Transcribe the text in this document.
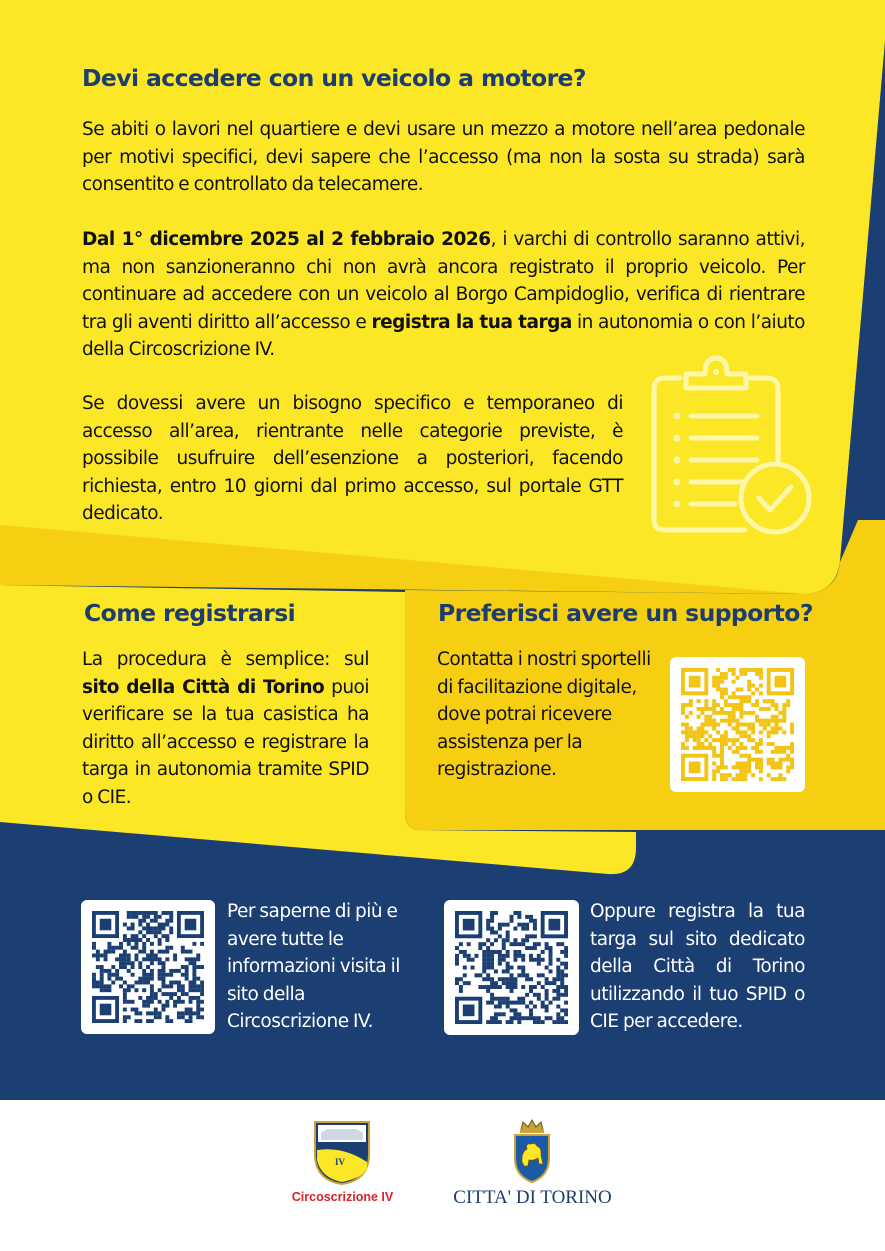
Devi accedere con un veicolo a motore?

Se abiti o lavori nel quartiere e devi usare un mezzo a motore nell’area pedonale per motivi specifici, devi sapere che l’accesso (ma non la sosta su strada) sarà consentito e controllato da telecamere.

Dal 1° dicembre 2025 al 2 febbraio 2026, i varchi di controllo saranno attivi, ma non sanzioneranno chi non avrà ancora registrato il proprio veicolo. Per continuare ad accedere con un veicolo al Borgo Campidoglio, verifica di rientrare tra gli aventi diritto all’accesso e registra la tua targa in autonomia o con l’aiuto della Circoscrizione IV.

Se dovessi avere un bisogno specifico e temporaneo di accesso all’area, rientrante nelle categorie previste, è possibile usufruire dell’esenzione a posteriori, facendo richiesta, entro 10 giorni dal primo accesso, sul portale GTT dedicato.

Come registrarsi

La procedura è semplice: sul sito della Città di Torino puoi verificare se la tua casistica ha diritto all’accesso e registrare la targa in autonomia tramite SPID o CIE.

Preferisci avere un supporto?

Contatta i nostri sportelli di facilitazione digitale, dove potrai ricevere assistenza per la registrazione.

Per saperne di più e avere tutte le informazioni visita il sito della Circoscrizione IV.

Oppure registra la tua targa sul sito dedicato della Città di Torino utilizzando il tuo SPID o CIE per accedere.

IV
Circoscrizione IV	CITTA' DI TORINO
